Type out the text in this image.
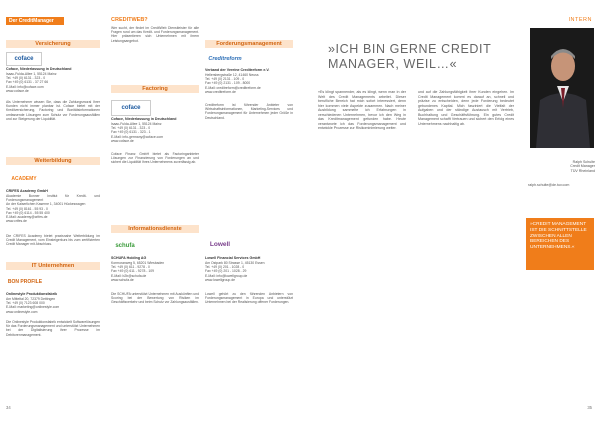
Der CreditManager	CREDITWEB?
Versicherung
coface
Coface, Niederlassung in Deutschland
Isaac-Fulda-Allee 1, 55124 Mainz
Tel. +49 (0) 6131 - 323 - 0
Fax +49 (0) 6131 - 37 27 66
E-Mail: info@coface.com
www.coface.de
Als Unternehmer wissen Sie, dass die Zahlungsmoral Ihrer Kunden nicht immer planbar ist. Coface bietet mit der Kreditversicherung, Factoring und Bonitätsinformationen umfassende Lösungen zum Schutz vor Forderungsausfällen und zur Steigerung der Liquidität.
Weiterbildung
ACADEMY
CRIFES Academy GmbH
Akademie Bonner Institut für Kredit- und Forderungsmanagement
An der Kaiserlichen Kaserne 1, 34001 Hückeswagen
Tel. +49 (0) 8161 - 55 93 - 0
Fax +49 (0) 6114 - 55 55 400
E-Mail: academy@crifes.de
www.crifes.de
Die CRIFES Academy bietet praxisnahe Weiterbildung im Credit Management, vom Einsteigerkurs bis zum zertifizierten Credit Manager mit Abschluss.
IT Unternehmen
BON PROFILE
Onlinestyle Produktionsfabrik
Am Mitteltal 20, 72379 Dettingen
Tel. +49 (0) 7123 608 000
E-Mail: marketing@onlinestyle.com
www.onlinestyle.com
Die Onlinestyle Produktionsfabrik entwickelt Softwarelösungen für das Forderungsmanagement und unterstützt Unternehmen bei der Digitalisierung ihrer Prozesse im Debitorenmanagement.
Wer sucht, der findet im CreditWeb Dienstleister für alle Fragen rund um das Kredit- und Forderungsmanagement. Hier präsentieren sich Unternehmen mit ihrem Leistungsangebot.
Factoring
coface
Coface, Niederlassung in Deutschland
Isaac-Fulda-Allee 1, 55124 Mainz
Tel. +49 (0) 6131 - 323 - 0
Fax +49 (0) 6131 - 323 - 1
E-Mail: info-germany@coface.com
www.coface.de
Coface Finanz GmbH bietet als Factoringanbieter Lösungen zur Finanzierung von Forderungen an und sichert die Liquidität Ihres Unternehmens zuverlässig ab.
Informationsdienste
schufa
SCHUFA Holding AG
Kormoranweg 5, 65201 Wiesbaden
Tel. +49 (0) 611 - 9278 - 0
Fax +49 (0) 611 - 9278 - 109
E-Mail: b2b@schufa.de
www.schufa.de
Die SCHUFA unterstützt Unternehmen mit Auskünften und Scoring bei der Bewertung von Risiken im Geschäftsverkehr und beim Schutz vor Zahlungsausfällen.
Forderungsmanagement
Creditreform
Verband der Vereine Creditreform e.V.
Hellersbergstraße 12, 41460 Neuss
Tel. +49 (0) 2131 - 109 - 0
Fax +49 (0) 2131 - 109 - 8000
E-Mail: creditreform@creditreform.de
www.creditreform.de
Creditreform ist führender Anbieter von Wirtschaftsinformationen, Marketing-Services und Forderungsmanagement für Unternehmen jeder Größe in Deutschland.
Lowell
Lowell Financial Services GmbH
Am Ostpark 80 Strasse 1, 45130 Essen
Tel. +49 (0) 201 - 1028 - 0
Fax +49 (0) 201 - 1028 - 29
E-Mail: info@lowellgroup.de
www.lowellgroup.de
Lowell gehört zu den führenden Anbietern von Forderungsmanagement in Europa und unterstützt Unternehmen bei der Realisierung offener Forderungen.
34
INTERN
35
»ICH BIN GERNE CREDIT MANAGER, WEIL…«
»Es klingt spannender, als es klingt, wenn man in der Welt des Credit Managements arbeitet. Dieser berufliche Bereich hat mich sofort interessiert, denn hier kommen viele Aspekte zusammen. Nach meiner Ausbildung sammelte ich Erfahrungen in verschiedenen Unternehmen, bevor ich den Weg in das Kreditmanagement gefunden habe. Heute verantworte ich das Forderungsmanagement und entwickle Prozesse zur Risikominimierung weiter.
und auf die Zahlungsfähigkeit ihrer Kunden eingehen. Im Credit Management kommt es darauf an, schnell und präzise zu entscheiden, denn jede Forderung bedeutet gebundenes Kapital. Mich fasziniert die Vielfalt der Aufgaben und der ständige Austausch mit Vertrieb, Buchhaltung und Geschäftsführung. Ein gutes Credit Management schafft Vertrauen und sichert den Erfolg eines Unternehmens nachhaltig ab.
Ralph Schulte
Credit Manager
TÜV Rheinland
ralph.schulte@de.tuv.com
»CREDIT MANAGEMENT IST DIE SCHNITTSTELLE ZWISCHEN ALLEN BEREICHEN DES UNTERNEHMENS.«
